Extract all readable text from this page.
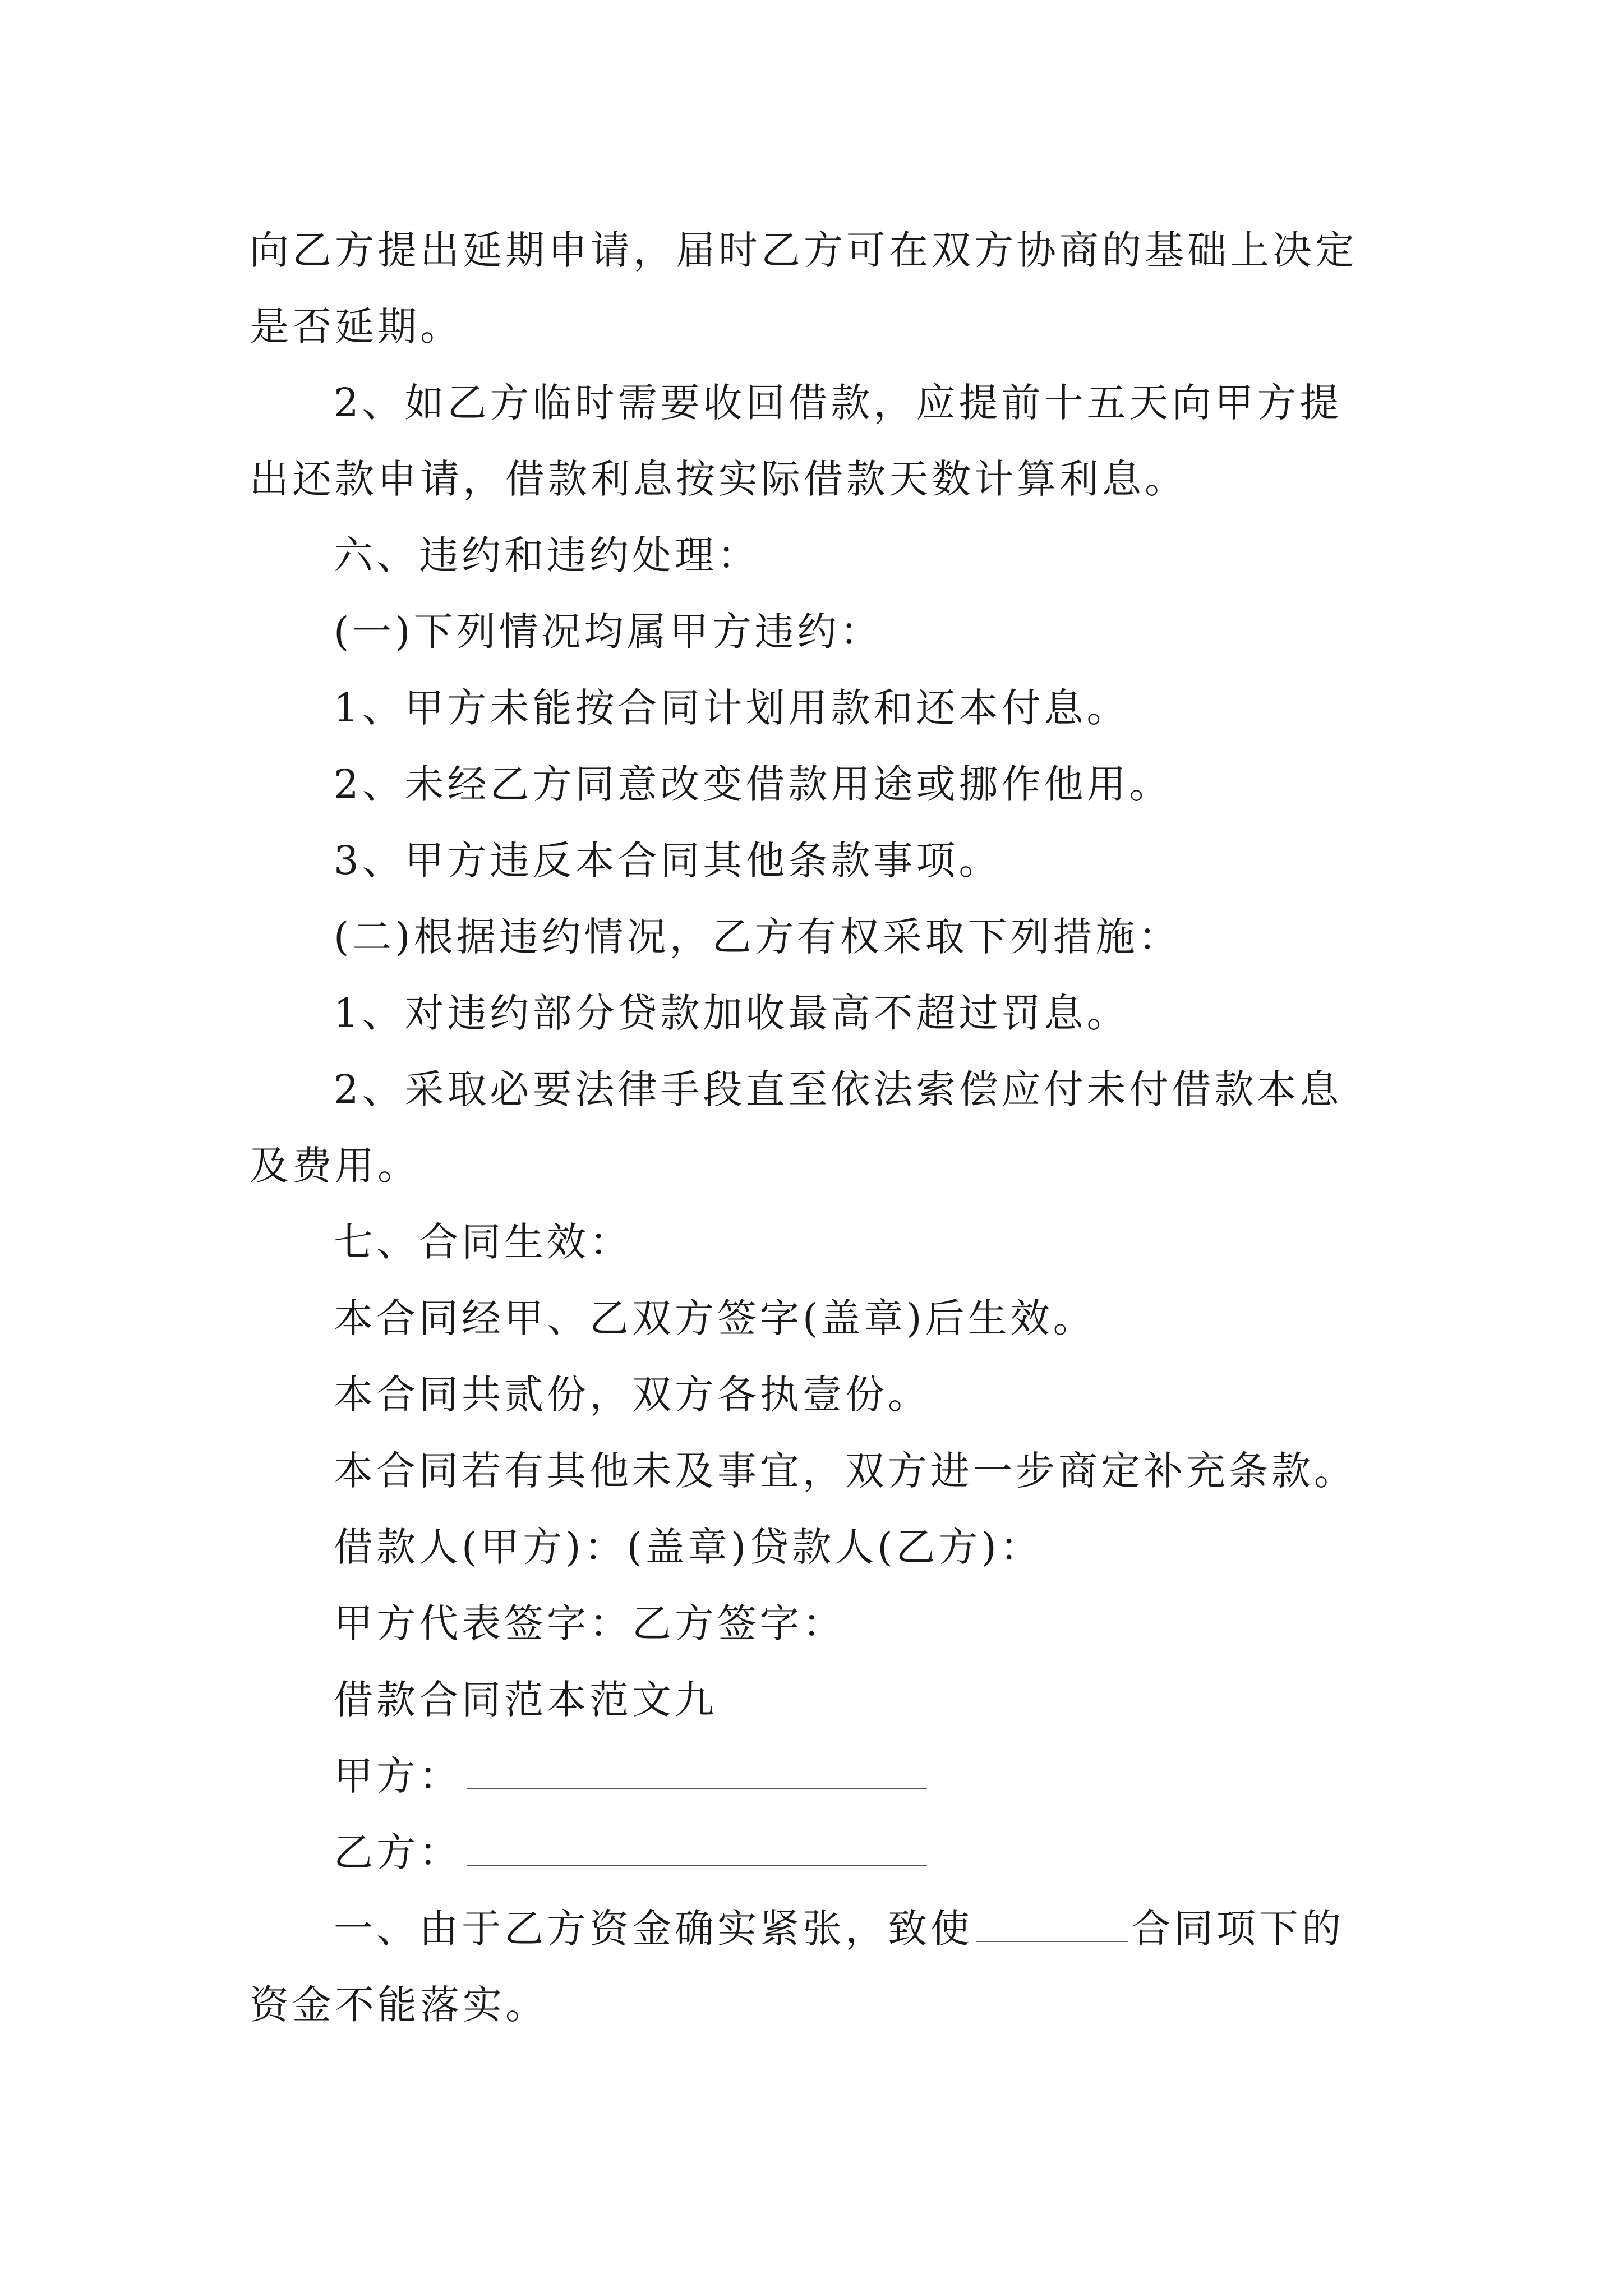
向乙方提出延期申请，届时乙方可在双方协商的基础上决定
是否延期。
2、如乙方临时需要收回借款，应提前十五天向甲方提
出还款申请，借款利息按实际借款天数计算利息。
六、违约和违约处理：
(一)下列情况均属甲方违约：
1、甲方未能按合同计划用款和还本付息。
2、未经乙方同意改变借款用途或挪作他用。
3、甲方违反本合同其他条款事项。
(二)根据违约情况，乙方有权采取下列措施：
1、对违约部分贷款加收最高不超过罚息。
2、采取必要法律手段直至依法索偿应付未付借款本息
及费用。
七、合同生效：
本合同经甲、乙双方签字(盖章)后生效。
本合同共贰份，双方各执壹份。
本合同若有其他未及事宜，双方进一步商定补充条款。
借款人(甲方)：(盖章)贷款人(乙方)：
甲方代表签字：乙方签字：
借款合同范本范文九
甲方：
乙方：
一、由于乙方资金确实紧张，致使	合同项下的
资金不能落实。
